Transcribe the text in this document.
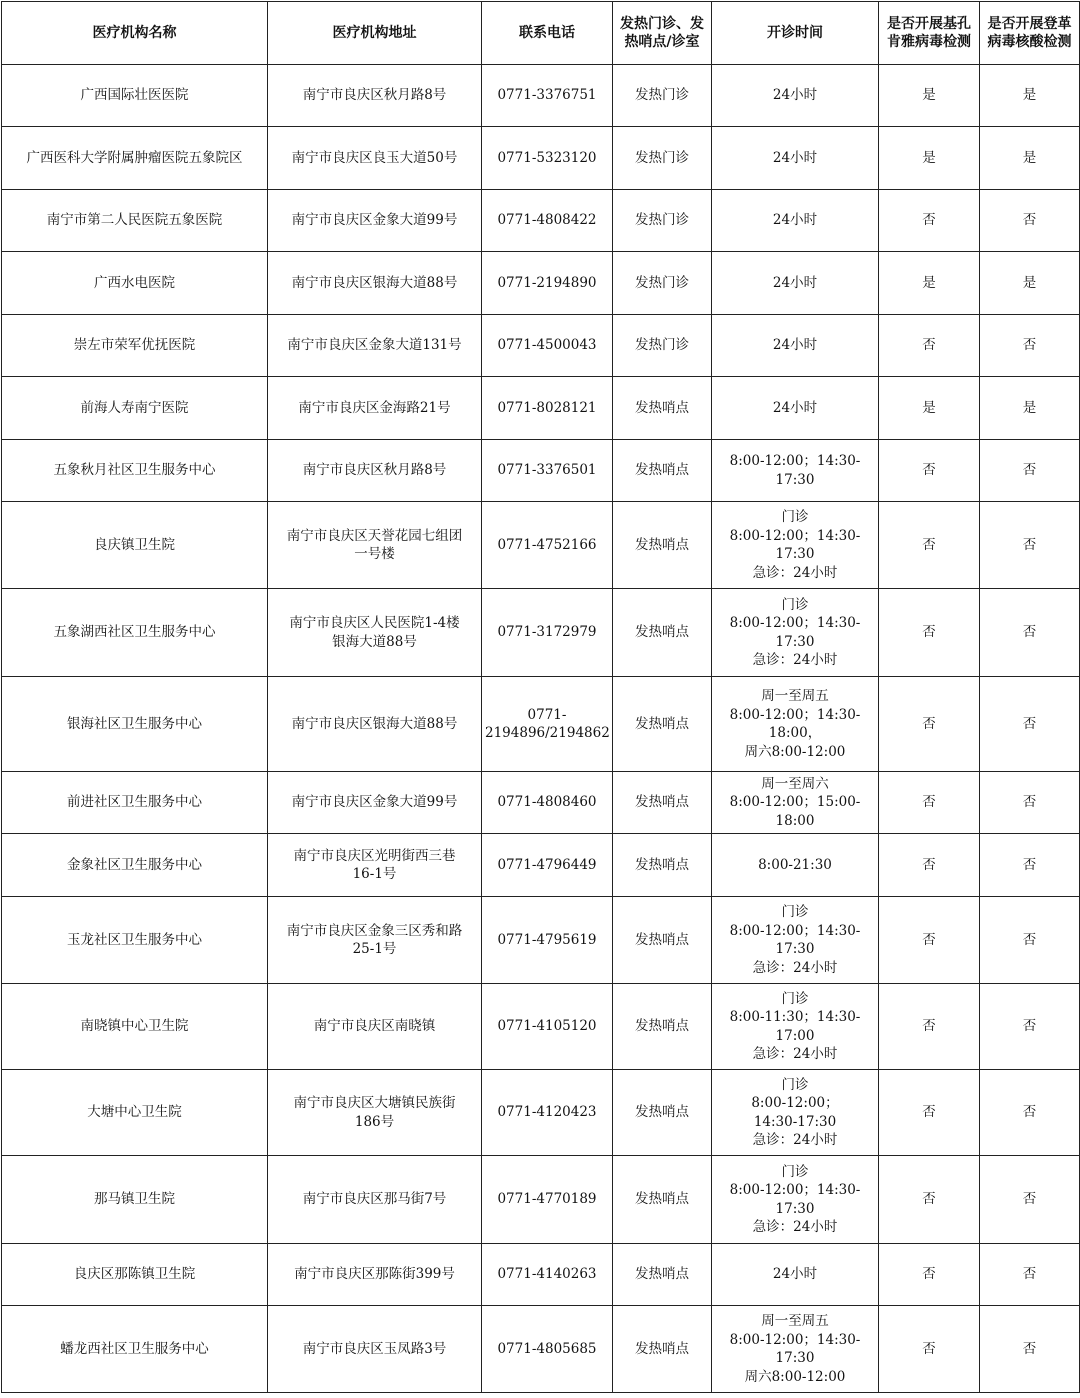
医疗机构名称	医疗机构地址	联系电话	发热门诊、发
热哨点/诊室	开诊时间	是否开展基孔
肯雅病毒检测	是否开展登革
病毒核酸检测
广西国际壮医医院	南宁市良庆区秋月路8号	0771-3376751	发热门诊	24小时	是	是
广西医科大学附属肿瘤医院五象院区	南宁市良庆区良玉大道50号	0771-5323120	发热门诊	24小时	是	是
南宁市第二人民医院五象医院	南宁市良庆区金象大道99号	0771-4808422	发热门诊	24小时	否	否
广西水电医院	南宁市良庆区银海大道88号	0771-2194890	发热门诊	24小时	是	是
崇左市荣军优抚医院	南宁市良庆区金象大道131号	0771-4500043	发热门诊	24小时	否	否
前海人寿南宁医院	南宁市良庆区金海路21号	0771-8028121	发热哨点	24小时	是	是
五象秋月社区卫生服务中心	南宁市良庆区秋月路8号	0771-3376501	发热哨点	8:00-12:00；14:30-
17:30	否	否
良庆镇卫生院	南宁市良庆区天誉花园七组团
一号楼	0771-4752166	发热哨点	门诊
8:00-12:00；14:30-
17:30
急诊：24小时	否	否
五象湖西社区卫生服务中心	南宁市良庆区人民医院1-4楼
银海大道88号	0771-3172979	发热哨点	门诊
8:00-12:00；14:30-
17:30
急诊：24小时	否	否
银海社区卫生服务中心	南宁市良庆区银海大道88号	0771-
2194896/2194862	发热哨点	周一至周五
8:00-12:00；14:30-
18:00，
周六8:00-12:00	否	否
前进社区卫生服务中心	南宁市良庆区金象大道99号	0771-4808460	发热哨点	周一至周六
8:00-12:00；15:00-
18:00	否	否
金象社区卫生服务中心	南宁市良庆区光明街西三巷
16-1号	0771-4796449	发热哨点	8:00-21:30	否	否
玉龙社区卫生服务中心	南宁市良庆区金象三区秀和路
25-1号	0771-4795619	发热哨点	门诊
8:00-12:00；14:30-
17:30
急诊：24小时	否	否
南晓镇中心卫生院	南宁市良庆区南晓镇	0771-4105120	发热哨点	门诊
8:00-11:30；14:30-
17:00
急诊：24小时	否	否
大塘中心卫生院	南宁市良庆区大塘镇民族街
186号	0771-4120423	发热哨点	门诊
8:00-12:00；
14:30-17:30
急诊：24小时	否	否
那马镇卫生院	南宁市良庆区那马街7号	0771-4770189	发热哨点	门诊
8:00-12:00；14:30-
17:30
急诊：24小时	否	否
良庆区那陈镇卫生院	南宁市良庆区那陈街399号	0771-4140263	发热哨点	24小时	否	否
蟠龙西社区卫生服务中心	南宁市良庆区玉凤路3号	0771-4805685	发热哨点	周一至周五
8:00-12:00；14:30-
17:30
周六8:00-12:00	否	否
